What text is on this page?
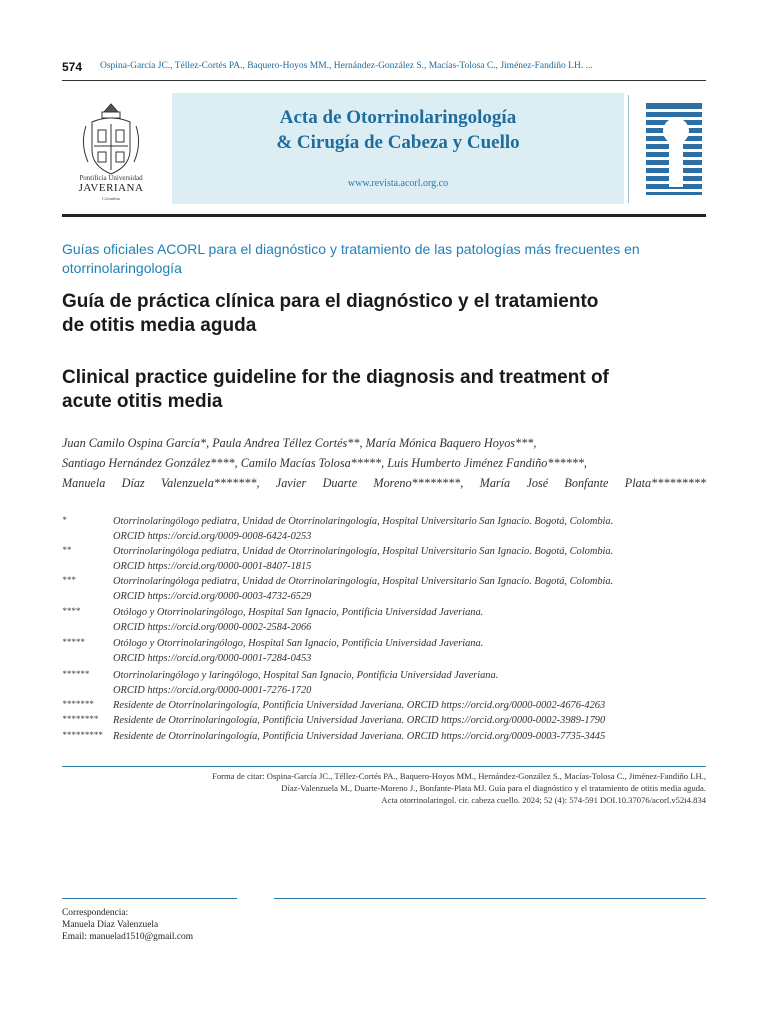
574 Ospina-García JC., Téllez-Cortés PA., Baquero-Hoyos MM., Hernández-González S., Macías-Tolosa C., Jiménez-Fandiño LH. ...
Pontificia Universidad
JAVERIANA
Colombia
Acta de Otorrinolaringología
& Cirugía de Cabeza y Cuello
www.revista.acorl.org.co
Guías oficiales ACORL para el diagnóstico y tratamiento de las patologías más frecuentes en otorrinolaringología
Guía de práctica clínica para el diagnóstico y el tratamiento
de otitis media aguda
Clinical practice guideline for the diagnosis and treatment of
acute otitis media
Juan Camilo Ospina García*, Paula Andrea Téllez Cortés**, María Mónica Baquero Hoyos***,
Santiago Hernández González****, Camilo Macías Tolosa*****, Luis Humberto Jiménez Fandiño******,
Manuela Díaz Valenzuela*******, Javier Duarte Moreno********, María José Bonfante Plata*********
*	Otorrinolaringólogo pediatra, Unidad de Otorrinolaringología, Hospital Universitario San Ignacio. Bogotá, Colombia.
ORCID https://orcid.org/0009-0008-6424-0253
**	Otorrinolaringóloga pediatra, Unidad de Otorrinolaringología, Hospital Universitario San Ignacio. Bogotá, Colombia.
ORCID https://orcid.org/0000-0001-8407-1815
***	Otorrinolaringóloga pediatra, Unidad de Otorrinolaringología, Hospital Universitario San Ignacio. Bogotá, Colombia.
ORCID https://orcid.org/0000-0003-4732-6529
****	Otólogo y Otorrinolaringólogo, Hospital San Ignacio, Pontificia Universidad Javeriana.
ORCID https://orcid.org/0000-0002-2584-2066
*****	Otólogo y Otorrinolaringólogo, Hospital San Ignacio, Pontificia Universidad Javeriana.
ORCID https://orcid.org/0000-0001-7284-0453
****** Otorrinolaringólogo y laringólogo, Hospital San Ignacio, Pontificia Universidad Javeriana.
ORCID https://orcid.org/0000-0001-7276-1720
******* Residente de Otorrinolaringología, Pontificia Universidad Javeriana. ORCID https://orcid.org/0000-0002-4676-4263
******** Residente de Otorrinolaringología, Pontificia Universidad Javeriana. ORCID https://orcid.org/0000-0002-3989-1790
********* Residente de Otorrinolaringología, Pontificia Universidad Javeriana. ORCID https://orcid.org/0009-0003-7735-3445
Forma de citar: Ospina-García JC., Téllez-Cortés PA., Baquero-Hoyos MM., Hernández-González S., Macías-Tolosa C., Jiménez-Fandiño LH.,
Díaz-Valenzuela M., Duarte-Moreno J., Bonfante-Plata MJ. Guía para el diagnóstico y el tratamiento de otitis media aguda.
Acta otorrinolaringol. cir. cabeza cuello. 2024; 52 (4): 574-591 DOI.10.37076/acorl.v52i4.834
Correspondencia:
Manuela Díaz Valenzuela
Email: manuelad1510@gmail.com
